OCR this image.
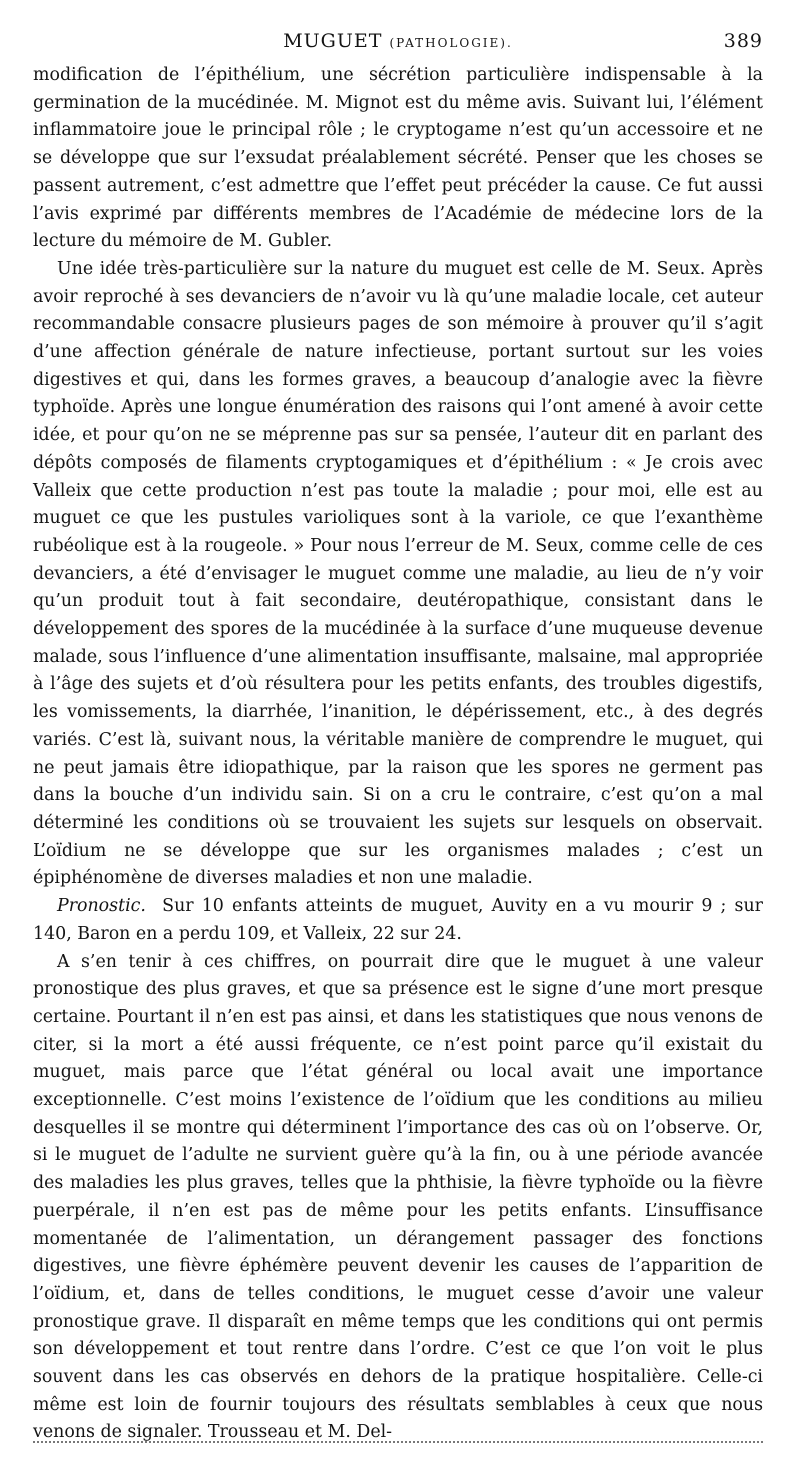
MUGUET (PATHOLOGIE).	389

modification de l’épithélium, une sécrétion particulière indispensable à la germination de la mucédinée. M. Mignot est du même avis. Suivant lui, l’élément inflammatoire joue le principal rôle ; le cryptogame n’est qu’un accessoire et ne se développe que sur l’exsudat préalablement sécrété. Penser que les choses se passent autrement, c’est admettre que l’effet peut précéder la cause. Ce fut aussi l’avis exprimé par différents membres de l’Académie de médecine lors de la lecture du mémoire de M. Gubler.

Une idée très-particulière sur la nature du muguet est celle de M. Seux. Après avoir reproché à ses devanciers de n’avoir vu là qu’une maladie locale, cet auteur recommandable consacre plusieurs pages de son mémoire à prouver qu’il s’agit d’une affection générale de nature infectieuse, portant surtout sur les voies digestives et qui, dans les formes graves, a beaucoup d’analogie avec la fièvre typhoïde. Après une longue énumération des raisons qui l’ont amené à avoir cette idée, et pour qu’on ne se méprenne pas sur sa pensée, l’auteur dit en parlant des dépôts composés de filaments cryptogamiques et d’épithélium : « Je crois avec Valleix que cette production n’est pas toute la maladie ; pour moi, elle est au muguet ce que les pustules varioliques sont à la variole, ce que l’exanthème rubéolique est à la rougeole. » Pour nous l’erreur de M. Seux, comme celle de ces devanciers, a été d’envisager le muguet comme une maladie, au lieu de n’y voir qu’un produit tout à fait secondaire, deutéropathique, consistant dans le développement des spores de la mucédinée à la surface d’une muqueuse devenue malade, sous l’influence d’une alimentation insuffisante, malsaine, mal appropriée à l’âge des sujets et d’où résultera pour les petits enfants, des troubles digestifs, les vomissements, la diarrhée, l’inanition, le dépérissement, etc., à des degrés variés. C’est là, suivant nous, la véritable manière de comprendre le muguet, qui ne peut jamais être idiopathique, par la raison que les spores ne germent pas dans la bouche d’un individu sain. Si on a cru le contraire, c’est qu’on a mal déterminé les conditions où se trouvaient les sujets sur lesquels on observait. L’oïdium ne se développe que sur les organismes malades ; c’est un épiphénomène de diverses maladies et non une maladie.

Pronostic. Sur 10 enfants atteints de muguet, Auvity en a vu mourir 9 ; sur 140, Baron en a perdu 109, et Valleix, 22 sur 24.

A s’en tenir à ces chiffres, on pourrait dire que le muguet à une valeur pronostique des plus graves, et que sa présence est le signe d’une mort presque certaine. Pourtant il n’en est pas ainsi, et dans les statistiques que nous venons de citer, si la mort a été aussi fréquente, ce n’est point parce qu’il existait du muguet, mais parce que l’état général ou local avait une importance exceptionnelle. C’est moins l’existence de l’oïdium que les conditions au milieu desquelles il se montre qui déterminent l’importance des cas où on l’observe. Or, si le muguet de l’adulte ne survient guère qu’à la fin, ou à une période avancée des maladies les plus graves, telles que la phthisie, la fièvre typhoïde ou la fièvre puerpérale, il n’en est pas de même pour les petits enfants. L’insuffisance momentanée de l’alimentation, un dérangement passager des fonctions digestives, une fièvre éphémère peuvent devenir les causes de l’apparition de l’oïdium, et, dans de telles conditions, le muguet cesse d’avoir une valeur pronostique grave. Il disparaît en même temps que les conditions qui ont permis son développement et tout rentre dans l’ordre. C’est ce que l’on voit le plus souvent dans les cas observés en dehors de la pratique hospitalière. Celle-ci même est loin de fournir toujours des résultats semblables à ceux que nous venons de signaler. Trousseau et M. Del-
